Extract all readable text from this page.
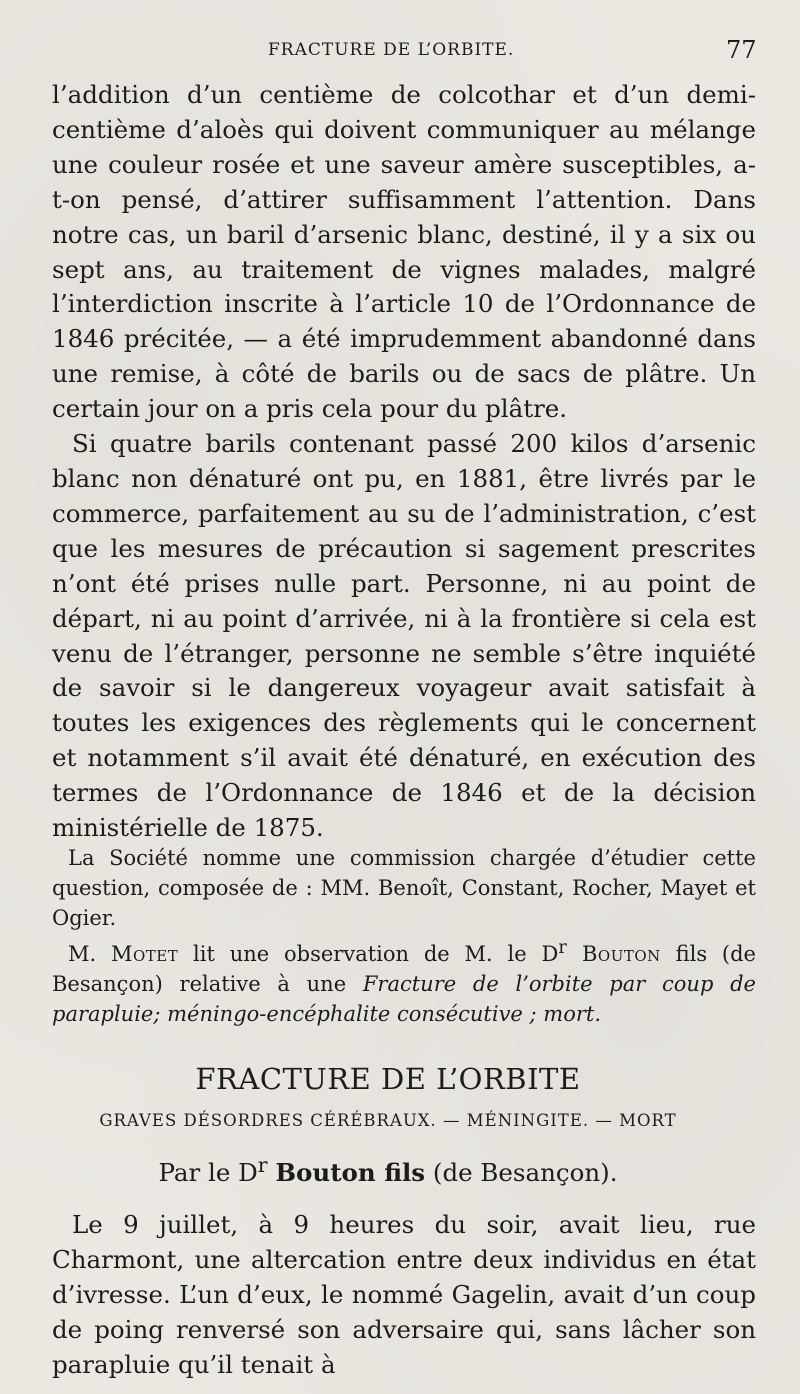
FRACTURE DE L’ORBITE.	77

l’addition d’un centième de colcothar et d’un demi-centième d’aloès qui doivent communiquer au mélange une couleur rosée et une saveur amère susceptibles, a-t-on pensé, d’attirer suffisamment l’attention. Dans notre cas, un baril d’arsenic blanc, destiné, il y a six ou sept ans, au traitement de vignes malades, malgré l’interdiction inscrite à l’article 10 de l’Ordonnance de 1846 précitée, — a été imprudemment abandonné dans une remise, à côté de barils ou de sacs de plâtre. Un certain jour on a pris cela pour du plâtre.

Si quatre barils contenant passé 200 kilos d’arsenic blanc non dénaturé ont pu, en 1881, être livrés par le commerce, parfaitement au su de l’administration, c’est que les mesures de précaution si sagement prescrites n’ont été prises nulle part. Personne, ni au point de départ, ni au point d’arrivée, ni à la frontière si cela est venu de l’étranger, personne ne semble s’être inquiété de savoir si le dangereux voyageur avait satisfait à toutes les exigences des règlements qui le concernent et notamment s’il avait été dénaturé, en exécution des termes de l’Ordonnance de 1846 et de la décision ministérielle de 1875.

La Société nomme une commission chargée d’étudier cette question, composée de : MM. Benoît, Constant, Rocher, Mayet et Ogier.

M. Motet lit une observation de M. le $D^r$ Bouton fils (de Besançon) relative à une Fracture de l’orbite par coup de parapluie; méningo-encéphalite consécutive ; mort.

FRACTURE DE L’ORBITE
GRAVES DÉSORDRES CÉRÉBRAUX. — MÉNINGITE. — MORT
Par le $D^r$ Bouton fils (de Besançon).

Le 9 juillet, à 9 heures du soir, avait lieu, rue Charmont, une altercation entre deux individus en état d’ivresse. L’un d’eux, le nommé Gagelin, avait d’un coup de poing renversé son adversaire qui, sans lâcher son parapluie qu’il tenait à
